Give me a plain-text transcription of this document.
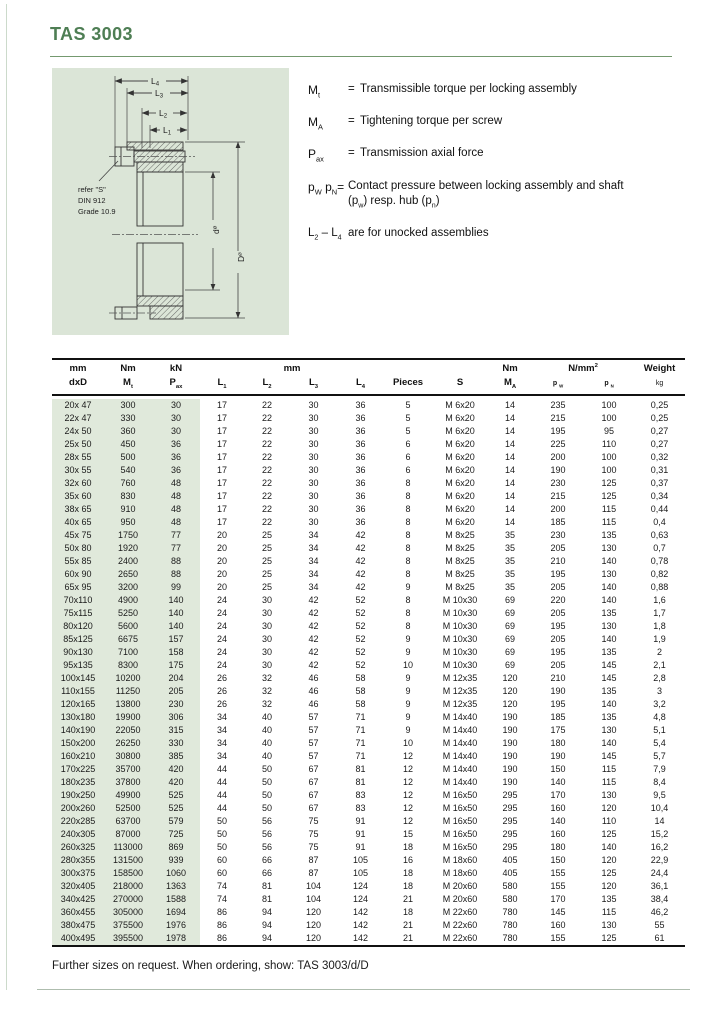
TAS 3003
L4
L3
L2
L1
refer "S"
DIN 912
Grade 10.9
d⌀
D⌀
$M_t$	= Transmissible torque per locking assembly
$M_A$	= Tightening torque per screw
$P_{ax}$	= Transmission axial force
$p_W$ $p_N=$ Contact pressure between locking assembly and shaft
$(p_w)$ resp. hub $(p_n)$
$L_2 - L_4$ are for unocked assemblies
mm	Nm	kN	mm						Nm	$N/mm^2$		Weight
dxD	$M_t$	$P_{ax}$	$L_1$	$L_2$	$L_3$	$L_4$	Pieces	S	$M_A$	p $_W$	p $_N$	kg

20x 47	300	30	17	22	30	36	5	M 6x20	14	235	100	0,25
22x 47	330	30	17	22	30	36	5	M 6x20	14	215	100	0,25
24x 50	360	30	17	22	30	36	5	M 6x20	14	195	95	0,27
25x 50	450	36	17	22	30	36	6	M 6x20	14	225	110	0,27
28x 55	500	36	17	22	30	36	6	M 6x20	14	200	100	0,32
30x 55	540	36	17	22	30	36	6	M 6x20	14	190	100	0,31
32x 60	760	48	17	22	30	36	8	M 6x20	14	230	125	0,37
35x 60	830	48	17	22	30	36	8	M 6x20	14	215	125	0,34
38x 65	910	48	17	22	30	36	8	M 6x20	14	200	115	0,44
40x 65	950	48	17	22	30	36	8	M 6x20	14	185	115	0,4
45x 75	1750	77	20	25	34	42	8	M 8x25	35	230	135	0,63
50x 80	1920	77	20	25	34	42	8	M 8x25	35	205	130	0,7
55x 85	2400	88	20	25	34	42	8	M 8x25	35	210	140	0,78
60x 90	2650	88	20	25	34	42	8	M 8x25	35	195	130	0,82
65x 95	3200	99	20	25	34	42	9	M 8x25	35	205	140	0,88
70x110	4900	140	24	30	42	52	8	M 10x30	69	220	140	1,6
75x115	5250	140	24	30	42	52	8	M 10x30	69	205	135	1,7
80x120	5600	140	24	30	42	52	8	M 10x30	69	195	130	1,8
85x125	6675	157	24	30	42	52	9	M 10x30	69	205	140	1,9
90x130	7100	158	24	30	42	52	9	M 10x30	69	195	135	2
95x135	8300	175	24	30	42	52	10	M 10x30	69	205	145	2,1
100x145	10200	204	26	32	46	58	9	M 12x35	120	210	145	2,8
110x155	11250	205	26	32	46	58	9	M 12x35	120	190	135	3
120x165	13800	230	26	32	46	58	9	M 12x35	120	195	140	3,2
130x180	19900	306	34	40	57	71	9	M 14x40	190	185	135	4,8
140x190	22050	315	34	40	57	71	9	M 14x40	190	175	130	5,1
150x200	26250	330	34	40	57	71	10	M 14x40	190	180	140	5,4
160x210	30800	385	34	40	57	71	12	M 14x40	190	190	145	5,7
170x225	35700	420	44	50	67	81	12	M 14x40	190	150	115	7,9
180x235	37800	420	44	50	67	81	12	M 14x40	190	140	115	8,4
190x250	49900	525	44	50	67	83	12	M 16x50	295	170	130	9,5
200x260	52500	525	44	50	67	83	12	M 16x50	295	160	120	10,4
220x285	63700	579	50	56	75	91	12	M 16x50	295	140	110	14
240x305	87000	725	50	56	75	91	15	M 16x50	295	160	125	15,2
260x325	113000	869	50	56	75	91	18	M 16x50	295	180	140	16,2
280x355	131500	939	60	66	87	105	16	M 18x60	405	150	120	22,9
300x375	158500	1060	60	66	87	105	18	M 18x60	405	155	125	24,4
320x405	218000	1363	74	81	104	124	18	M 20x60	580	155	120	36,1
340x425	270000	1588	74	81	104	124	21	M 20x60	580	170	135	38,4
360x455	305000	1694	86	94	120	142	18	M 22x60	780	145	115	46,2
380x475	375500	1976	86	94	120	142	21	M 22x60	780	160	130	55
400x495	395500	1978	86	94	120	142	21	M 22x60	780	155	125	61
Further sizes on request. When ordering, show: TAS 3003/d/D
